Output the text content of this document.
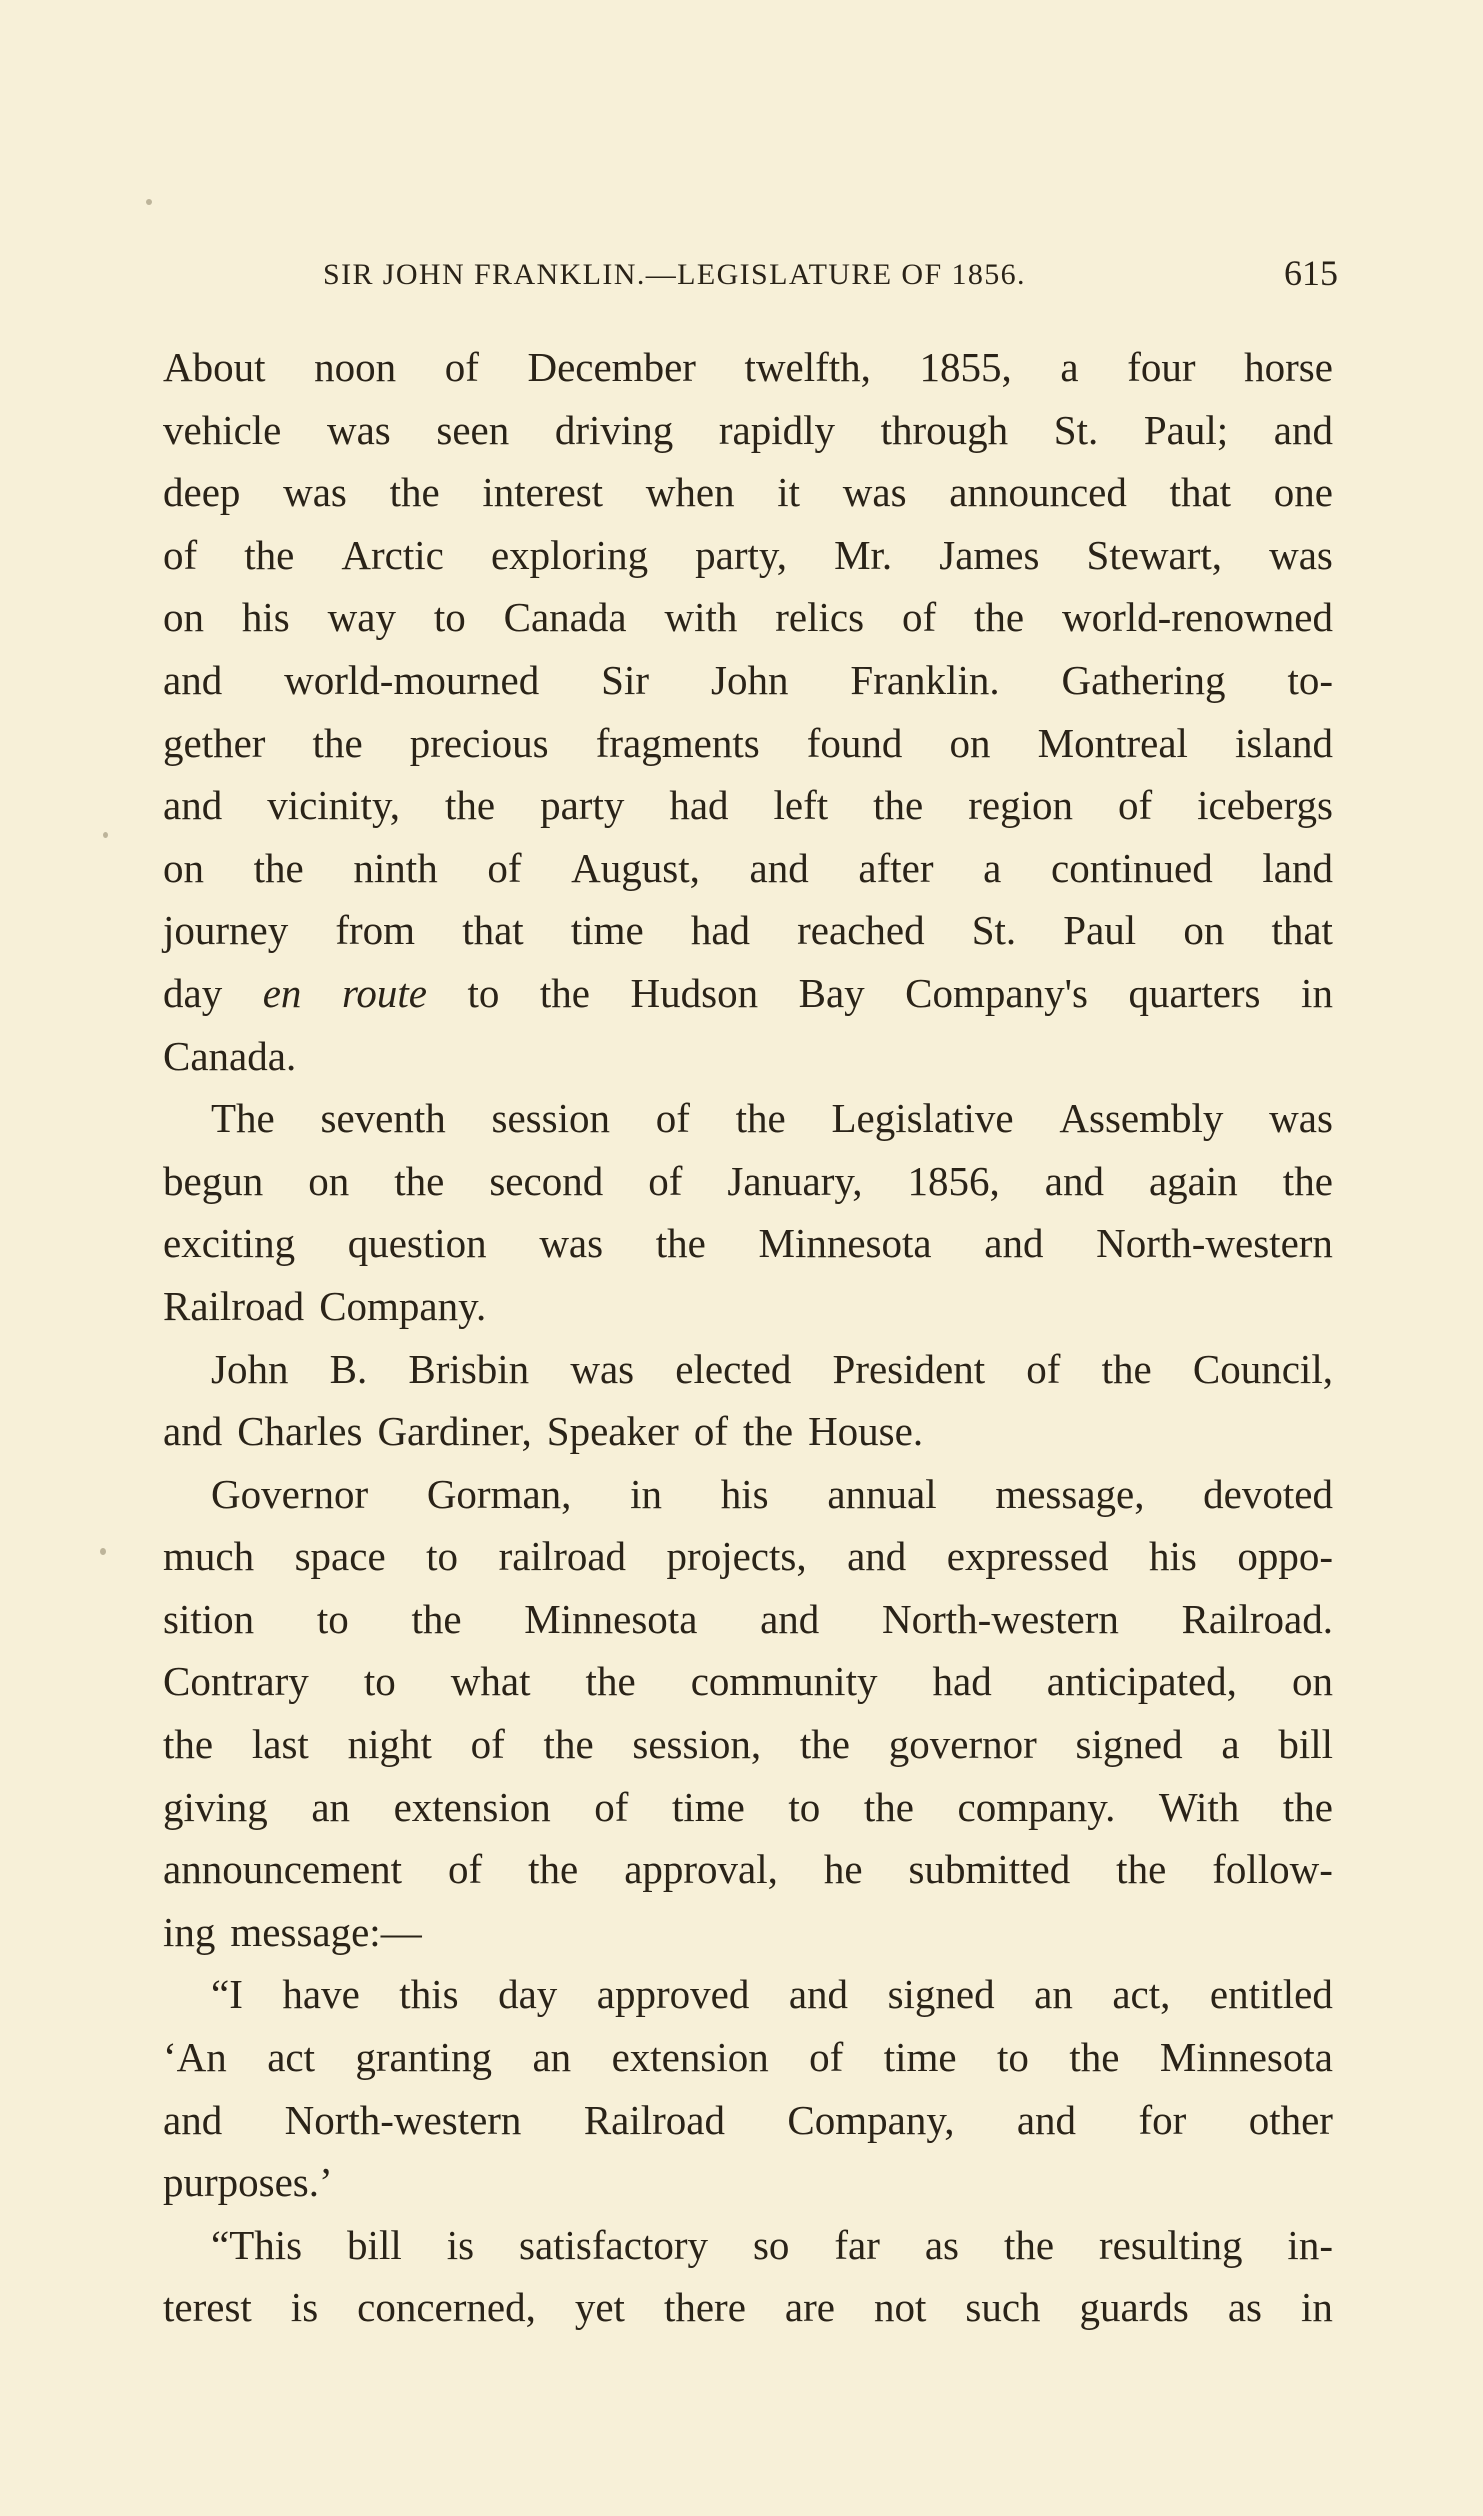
SIR JOHN FRANKLIN.—LEGISLATURE OF 1856.	615
About noon of December twelfth, 1855, a four horse
vehicle was seen driving rapidly through St. Paul; and
deep was the interest when it was announced that one
of the Arctic exploring party, Mr. James Stewart, was
on his way to Canada with relics of the world-renowned
and world-mourned Sir John Franklin. Gathering to-
gether the precious fragments found on Montreal island
and vicinity, the party had left the region of icebergs
on the ninth of August, and after a continued land
journey from that time had reached St. Paul on that
day en route to the Hudson Bay Company's quarters in
Canada.
The seventh session of the Legislative Assembly was
begun on the second of January, 1856, and again the
exciting question was the Minnesota and North-western
Railroad Company.
John B. Brisbin was elected President of the Council,
and Charles Gardiner, Speaker of the House.
Governor Gorman, in his annual message, devoted
much space to railroad projects, and expressed his oppo-
sition to the Minnesota and North-western Railroad.
Contrary to what the community had anticipated, on
the last night of the session, the governor signed a bill
giving an extension of time to the company. With the
announcement of the approval, he submitted the follow-
ing message:—
“I have this day approved and signed an act, entitled
‘An act granting an extension of time to the Minnesota
and North-western Railroad Company, and for other
purposes.’
“This bill is satisfactory so far as the resulting in-
terest is concerned, yet there are not such guards as in
